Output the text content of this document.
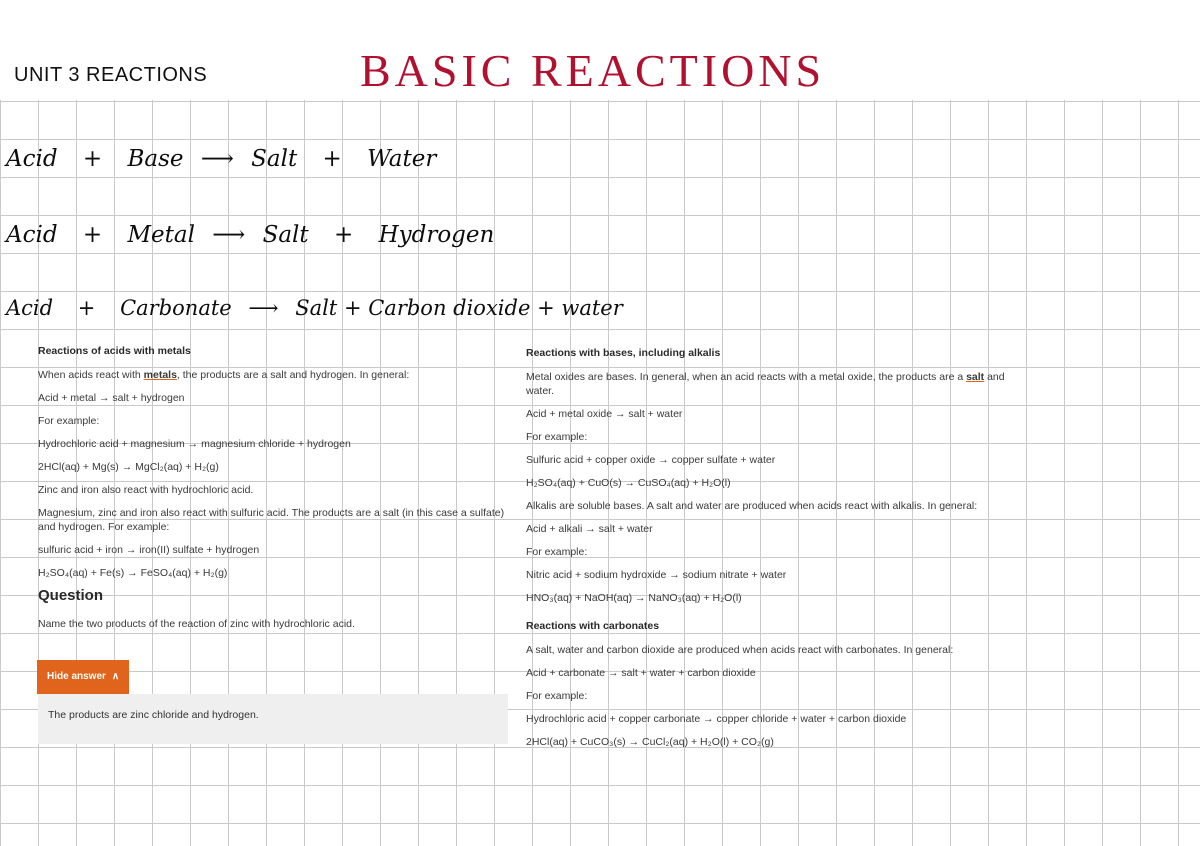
UNIT 3 REACTIONS	BASIC REACTIONS
Acid + Base ⟶ Salt + Water
Acid + Metal ⟶ Salt + Hydrogen
Acid + Carbonate ⟶ Salt + Carbon dioxide + water
Reactions of acids with metals

When acids react with metals, the products are a salt and hydrogen. In general:

Acid + metal → salt + hydrogen

For example:

Hydrochloric acid + magnesium → magnesium chloride + hydrogen

2HCl(aq) + Mg(s) → MgCl₂(aq) + H₂(g)

Zinc and iron also react with hydrochloric acid.

Magnesium, zinc and iron also react with sulfuric acid. The products are a salt (in this case a sulfate) and hydrogen. For example:

sulfuric acid + iron → iron(II) sulfate + hydrogen

H₂SO₄(aq) + Fe(s) → FeSO₄(aq) + H₂(g)

Question

Name the two products of the reaction of zinc with hydrochloric acid.

Hide answer ∧
The products are zinc chloride and hydrogen.
Reactions with bases, including alkalis

Metal oxides are bases. In general, when an acid reacts with a metal oxide, the products are a salt and water.

Acid + metal oxide → salt + water

For example:

Sulfuric acid + copper oxide → copper sulfate + water

H₂SO₄(aq) + CuO(s) → CuSO₄(aq) + H₂O(l)

Alkalis are soluble bases. A salt and water are produced when acids react with alkalis. In general:

Acid + alkali → salt + water

For example:

Nitric acid + sodium hydroxide → sodium nitrate + water

HNO₃(aq) + NaOH(aq) → NaNO₃(aq) + H₂O(l)

Reactions with carbonates

A salt, water and carbon dioxide are produced when acids react with carbonates. In general:

Acid + carbonate → salt + water + carbon dioxide

For example:

Hydrochloric acid + copper carbonate → copper chloride + water + carbon dioxide

2HCl(aq) + CuCO₃(s) → CuCl₂(aq) + H₂O(l) + CO₂(g)
